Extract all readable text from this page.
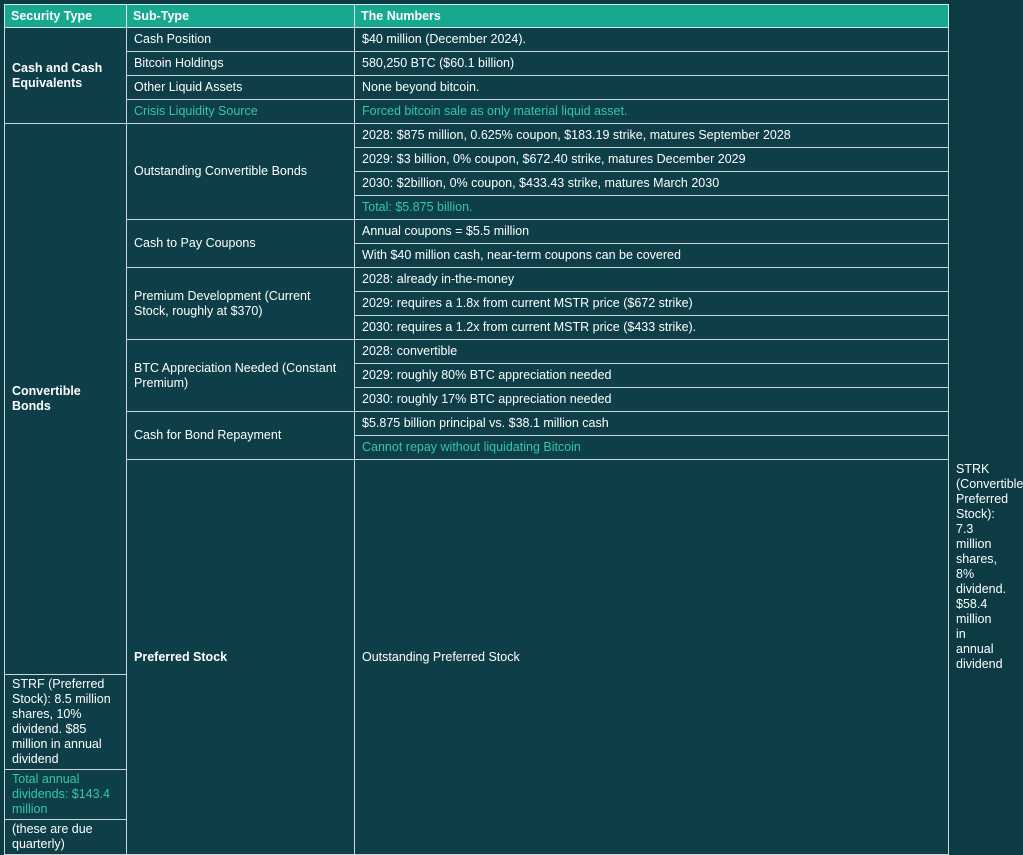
Security Type	Sub-Type	The Numbers	
Cash and Cash Equivalents	Cash Position	$40 million (December 2024).	
	Bitcoin Holdings	580,250 BTC ($60.1 billion)	
	Other Liquid Assets	None beyond bitcoin.	
	Crisis Liquidity Source	Forced bitcoin sale as only material liquid asset.	
Convertible Bonds	Outstanding Convertible Bonds	2028: $875 million, 0.625% coupon, $183.19 strike, matures September 2028	
		2029: $3 billion, 0% coupon, $672.40 strike, matures December 2029	
		2030: $2billion, 0% coupon, $433.43 strike, matures March 2030	
		Total: $5.875 billion.	
	Cash to Pay Coupons	Annual coupons = $5.5 million	
		With $40 million cash, near-term coupons can be covered	
	Premium Development (Current Stock, roughly at $370)	2028: already in-the-money	
		2029: requires a 1.8x from current MSTR price ($672 strike)	
		2030: requires a 1.2x from current MSTR price ($433 strike).	
	BTC Appreciation Needed (Constant Premium)	2028: convertible	
		2029: roughly 80% BTC appreciation needed	
		2030: roughly 17% BTC appreciation needed	
	Cash for Bond Repayment	$5.875 billion principal vs. $38.1 million cash	
		Cannot repay without liquidating Bitcoin	
	Preferred Stock	Outstanding Preferred Stock	STRK (Convertible Preferred Stock): 7.3 million shares, 8% dividend. $58.4 million in annual dividend
STRF (Preferred Stock): 8.5 million shares, 10% dividend. $85 million in annual dividend			
Total annual dividends: $143.4 million			
(these are due quarterly)			
